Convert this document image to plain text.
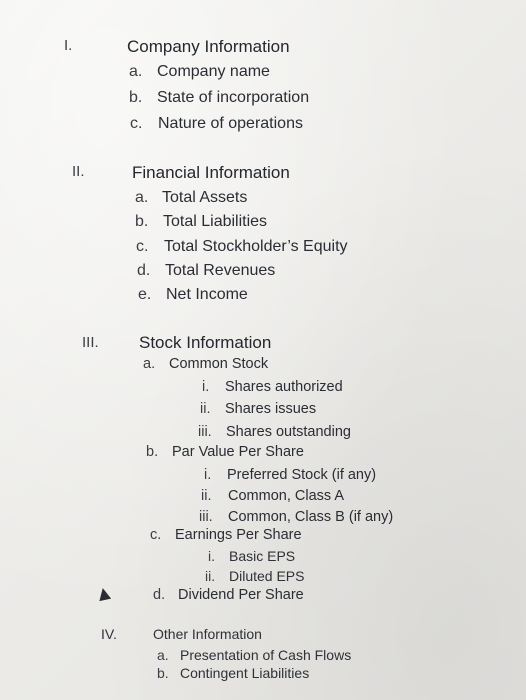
I.	Company Information
a. Company name
b. State of incorporation
c. Nature of operations
II.	Financial Information
a. Total Assets
b. Total Liabilities
c. Total Stockholder’s Equity
d. Total Revenues
e. Net Income
III. Stock Information
a. Common Stock
i. Shares authorized
ii. Shares issues
iii. Shares outstanding
b. Par Value Per Share
i. Preferred Stock (if any)
ii. Common, Class A
iii. Common, Class B (if any)
c. Earnings Per Share
i. Basic EPS
ii. Diluted EPS
d. Dividend Per Share
IV.	Other Information
a. Presentation of Cash Flows
b. Contingent Liabilities
